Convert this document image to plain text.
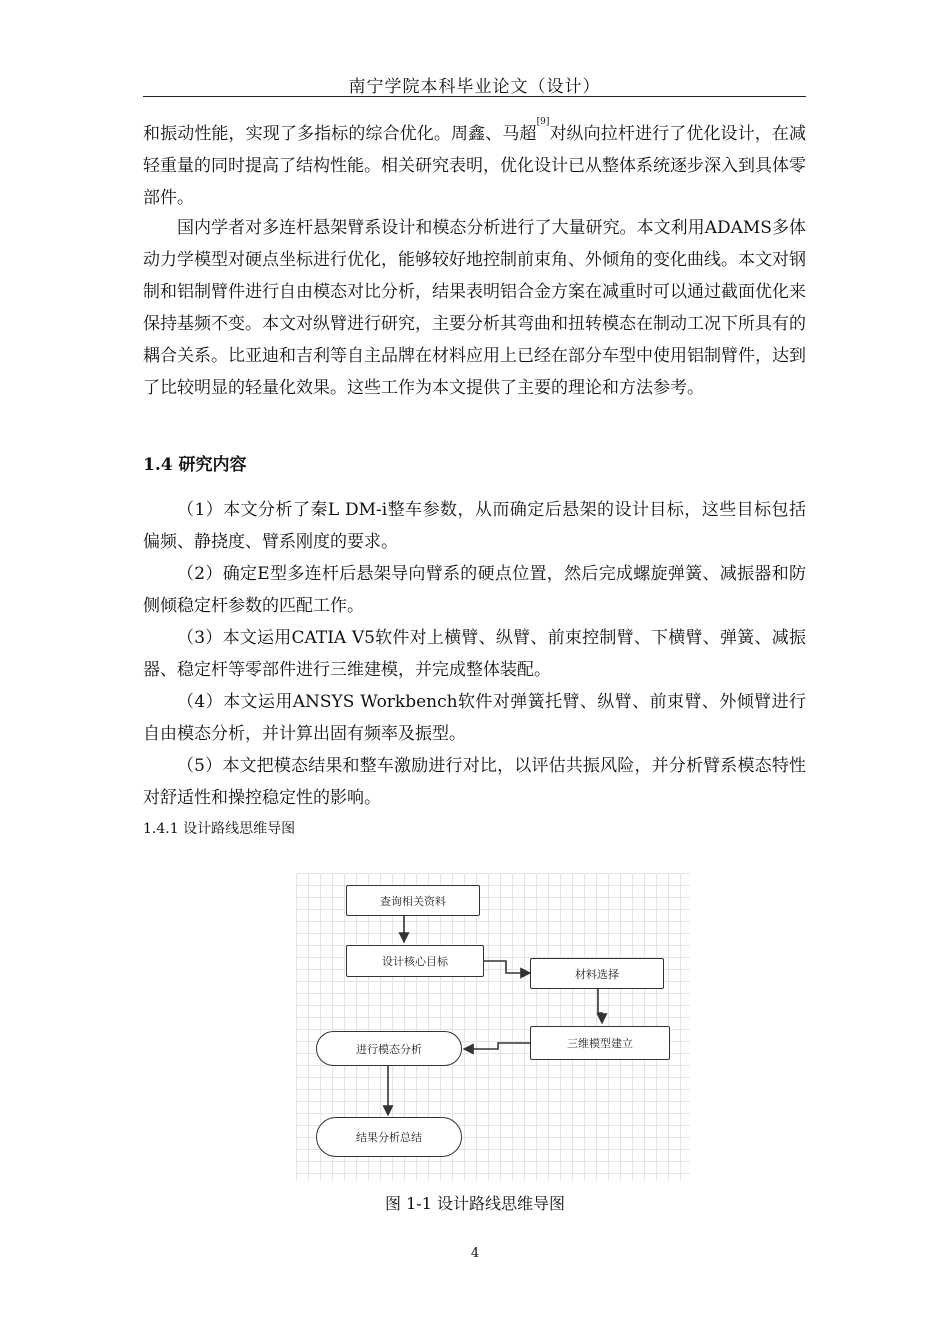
南宁学院本科毕业论文（设计）

和振动性能，实现了多指标的综合优化。周鑫、马超[9]对纵向拉杆进行了优化设计，在减轻重量的同时提高了结构性能。相关研究表明，优化设计已从整体系统逐步深入到具体零部件。

国内学者对多连杆悬架臂系设计和模态分析进行了大量研究。本文利用ADAMS多体动力学模型对硬点坐标进行优化，能够较好地控制前束角、外倾角的变化曲线。本文对钢制和铝制臂件进行自由模态对比分析，结果表明铝合金方案在减重时可以通过截面优化来保持基频不变。本文对纵臂进行研究，主要分析其弯曲和扭转模态在制动工况下所具有的耦合关系。比亚迪和吉利等自主品牌在材料应用上已经在部分车型中使用铝制臂件，达到了比较明显的轻量化效果。这些工作为本文提供了主要的理论和方法参考。

1.4 研究内容

（1）本文分析了秦L DM-i整车参数，从而确定后悬架的设计目标，这些目标包括偏频、静挠度、臂系刚度的要求。

（2）确定E型多连杆后悬架导向臂系的硬点位置，然后完成螺旋弹簧、减振器和防侧倾稳定杆参数的匹配工作。

（3）本文运用CATIA V5软件对上横臂、纵臂、前束控制臂、下横臂、弹簧、减振器、稳定杆等零部件进行三维建模，并完成整体装配。

（4）本文运用ANSYS Workbench软件对弹簧托臂、纵臂、前束臂、外倾臂进行自由模态分析，并计算出固有频率及振型。

（5）本文把模态结果和整车激励进行对比，以评估共振风险，并分析臂系模态特性对舒适性和操控稳定性的影响。

1.4.1 设计路线思维导图
查询相关资料
设计核心目标
材料选择
三维模型建立
进行模态分析
结果分析总结
图 1-1 设计路线思维导图
4
